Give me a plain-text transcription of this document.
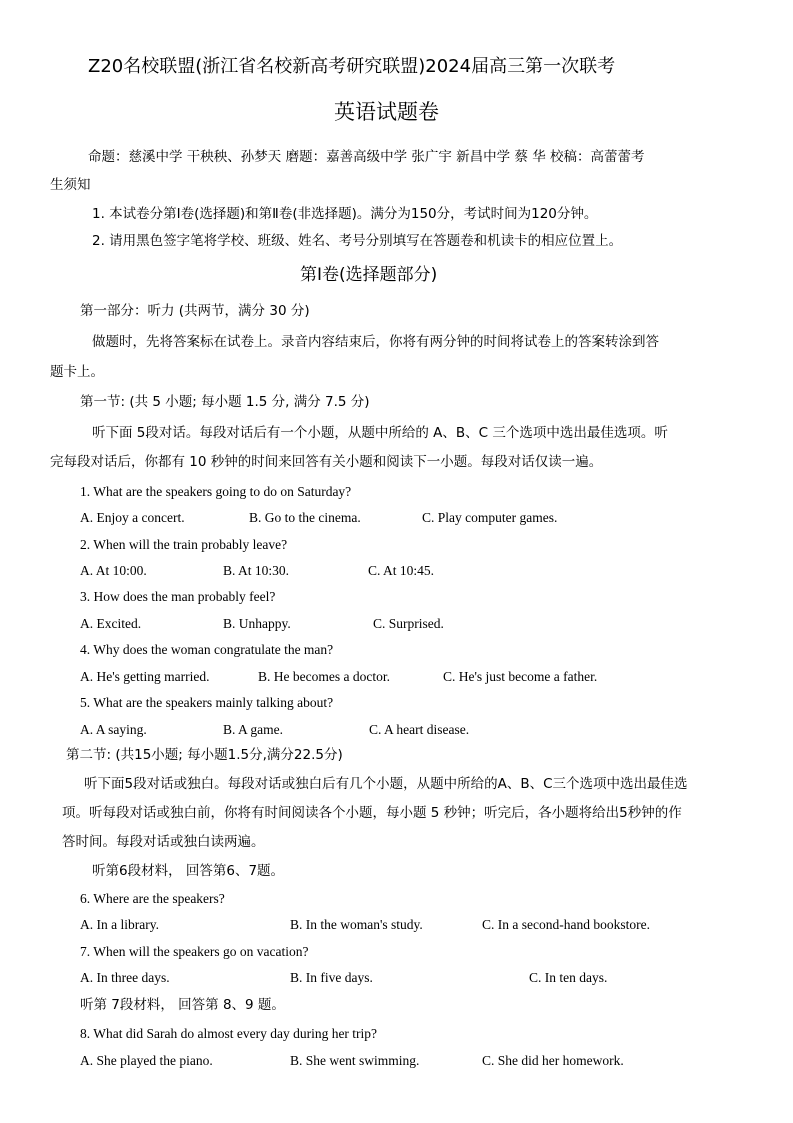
Z20名校联盟(浙江省名校新高考研究联盟)2024届高三第一次联考
英语试题卷
命题：慈溪中学 干秧秧、孙梦天 磨题：嘉善高级中学 张广宇 新昌中学 蔡 华 校稿：高蕾蕾考
生须知
1. 本试卷分第Ⅰ卷(选择题)和第Ⅱ卷(非选择题)。满分为150分，考试时间为120分钟。
2. 请用黑色签字笔将学校、班级、姓名、考号分别填写在答题卷和机读卡的相应位置上。
第Ⅰ卷(选择题部分)
第一部分：听力 (共两节，满分 30 分)
做题时，先将答案标在试卷上。录音内容结束后，你将有两分钟的时间将试卷上的答案转涂到答
题卡上。
第一节: (共 5 小题; 每小题 1.5 分, 满分 7.5 分)
听下面 5段对话。每段对话后有一个小题，从题中所给的 A、B、C 三个选项中选出最佳选项。听
完每段对话后，你都有 10 秒钟的时间来回答有关小题和阅读下一小题。每段对话仅读一遍。
1. What are the speakers going to do on Saturday?
A. Enjoy a concert.	B. Go to the cinema.	C. Play computer games.
2. When will the train probably leave?
A. At 10:00.	B. At 10:30.	C. At 10:45.
3. How does the man probably feel?
A. Excited.	B. Unhappy.	C. Surprised.
4. Why does the woman congratulate the man?
A. He's getting married.	B. He becomes a doctor.	C. He's just become a father.
5. What are the speakers mainly talking about?
A. A saying.	B. A game.	C. A heart disease.
第二节: (共15小题; 每小题1.5分,满分22.5分)
听下面5段对话或独白。每段对话或独白后有几个小题，从题中所给的A、B、C三个选项中选出最佳选
项。听每段对话或独白前，你将有时间阅读各个小题，每小题 5 秒钟；听完后，各小题将给出5秒钟的作
答时间。每段对话或独白读两遍。
听第6段材料， 回答第6、7题。
6. Where are the speakers?
A. In a library.	B. In the woman's study.	C. In a second-hand bookstore.
7. When will the speakers go on vacation?
A. In three days.	B. In five days.	C. In ten days.
听第 7段材料， 回答第 8、9 题。
8. What did Sarah do almost every day during her trip?
A. She played the piano.	B. She went swimming.	C. She did her homework.
